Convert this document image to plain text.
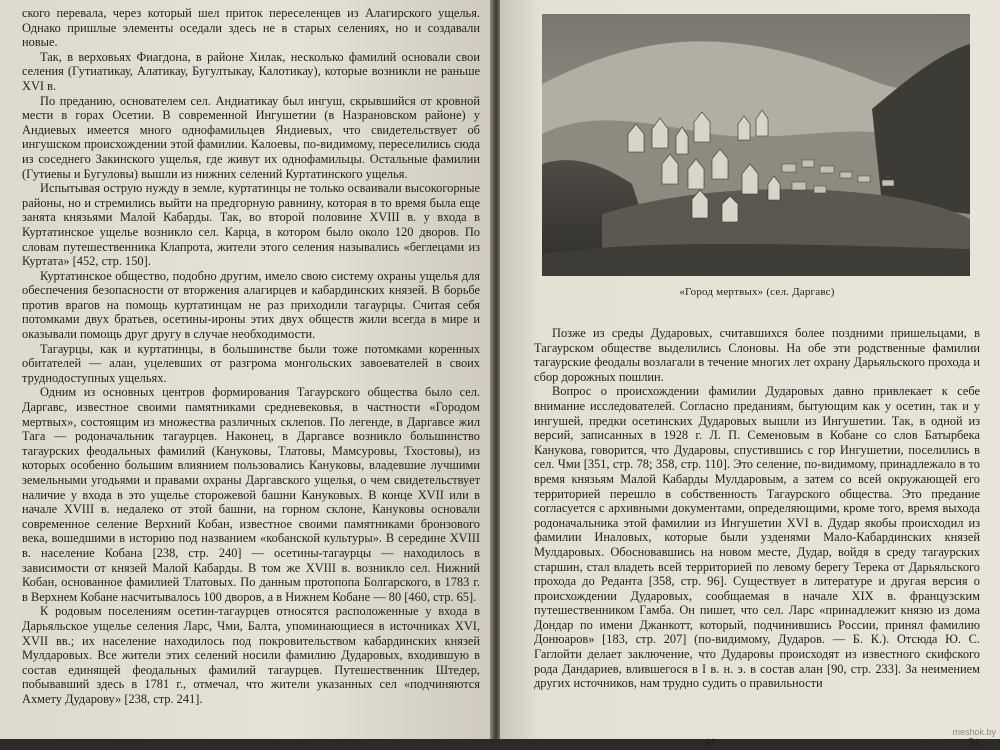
ского перевала, через который шел приток переселенцев из Алагирского ущелья. Однако пришлые элементы оседали здесь не в старых селениях, но и создавали новые.

Так, в верховьях Фиагдона, в районе Хилак, несколько фамилий основали свои селения (Гутиатикау, Алатикау, Бугултыкау, Калотикау), которые возникли не раньше XVI в.

По преданию, основателем сел. Андиатикау был ингуш, скрывшийся от кровной мести в горах Осетии. В современной Ингушетии (в Назрановском районе) у Андиевых имеется много однофамильцев Яндиевых, что свидетельствует об ингушском происхождении этой фамилии. Калоевы, по-видимому, переселились сюда из соседнего Закинского ущелья, где живут их однофамильцы. Остальные фамилии (Гутиевы и Бугуловы) вышли из нижних селений Куртатинского ущелья.

Испытывая острую нужду в земле, куртатинцы не только осваивали высокогорные районы, но и стремились выйти на предгорную равнину, которая в то время была еще занята князьями Малой Кабарды. Так, во второй половине XVIII в. у входа в Куртатинское ущелье возникло сел. Карца, в котором было около 120 дворов. По словам путешественника Клапрота, жители этого селения назывались «беглецами из Куртата» [452, стр. 150].

Куртатинское общество, подобно другим, имело свою систему охраны ущелья для обеспечения безопасности от вторжения алагирцев и кабардинских князей. В борьбе против врагов на помощь куртатинцам не раз приходили тагаурцы. Считая себя потомками двух братьев, осетины-ироны этих двух обществ жили всегда в мире и оказывали помощь друг другу в случае необходимости.

Тагаурцы, как и куртатинцы, в большинстве были тоже потомками коренных обитателей — алан, уцелевших от разгрома монгольских завоевателей в своих труднодоступных ущельях.

Одним из основных центров формирования Тагаурского общества было сел. Даргавс, известное своими памятниками средневековья, в частности «Городом мертвых», состоящим из множества различных склепов. По легенде, в Даргавсе жил Тага — родоначальник тагаурцев. Наконец, в Даргавсе возникло большинство тагаурских феодальных фамилий (Кануковы, Тлатовы, Мамсуровы, Тхостовы), из которых особенно большим влиянием пользовались Кануковы, владевшие лучшими земельными угодьями и правами охраны Даргавского ущелья, о чем свидетельствует наличие у входа в это ущелье сторожевой башни Кануковых. В конце XVII или в начале XVIII в. недалеко от этой башни, на горном склоне, Кануковы основали современное селение Верхний Кобан, известное своими памятниками бронзового века, вошедшими в историю под названием «кобанской культуры». В середине XVIII в. население Кобана [238, стр. 240] — осетины-тагаурцы — находилось в зависимости от князей Малой Кабарды. В том же XVIII в. возникло сел. Нижний Кобан, основанное фамилией Тлатовых. По данным протопопа Болгарского, в 1783 г. в Верхнем Кобане насчитывалось 100 дворов, а в Нижнем Кобане — 80 [460, стр. 65].

К родовым поселениям осетин-тагаурцев относятся расположенные у входа в Дарьяльское ущелье селения Ларс, Чми, Балта, упоминающиеся в источниках XVI, XVII вв.; их население находилось под покровительством кабардинских князей Мулдаровых. Все жители этих селений носили фамилию Дударовых, входившую в состав единящей феодальных фамилий тагаурцев. Путешественник Штедер, побывавший здесь в 1781 г., отмечал, что жители указанных сел «подчиняются Ахмету Дударову» [238, стр. 241].

«Город мертвых» (сел. Даргавс)

Позже из среды Дударовых, считавшихся более поздними пришельцами, в Тагаурском обществе выделились Слоновы. На обе эти родственные фамилии тагаурские феодалы возлагали в течение многих лет охрану Дарьяльского прохода и сбор дорожных пошлин.

Вопрос о происхождении фамилии Дударовых давно привлекает к себе внимание исследователей. Согласно преданиям, бытующим как у осетин, так и у ингушей, предки осетинских Дударовых вышли из Ингушетии. Так, в одной из версий, записанных в 1928 г. Л. П. Семеновым в Кобане со слов Батырбека Канукова, говорится, что Дударовы, спустившись с гор Ингушетии, поселились в сел. Чми [351, стр. 78; 358, стр. 110]. Это селение, по-видимому, принадлежало в то время князьям Малой Кабарды Мулдаровым, а затем со всей окружающей его территорией перешло в собственность Тагаурского общества. Это предание согласуется с архивными документами, определяющими, кроме того, время выхода родоначальника этой фамилии из Ингушетии XVI в. Дудар якобы происходил из фамилии Иналовых, которые были узденями Мало-Кабардинских князей Мулдаровых. Обосновавшись на новом месте, Дудар, войдя в среду тагаурских старшин, стал владеть всей территорией по левому берегу Терека от Дарьяльского прохода до Реданта [358, стр. 96]. Существует в литературе и другая версия о происхождении Дударовых, сообщаемая в начале XIX в. французским путешественником Гамба. Он пишет, что сел. Ларс «принадлежит князю из дома Дондар по имени Джанкотт, который, подчинившись России, принял фамилию Донюаров» [183, стр. 207] (по-видимому, Дударов. — Б. К.). Отсюда Ю. С. Гаглойти делает заключение, что Дударовы происходят из известного скифского рода Дандариев, влившегося в I в. н. э. в состав алан [90, стр. 233]. За неимением других источников, нам трудно судить о правильности

4*	51
meshok.by
